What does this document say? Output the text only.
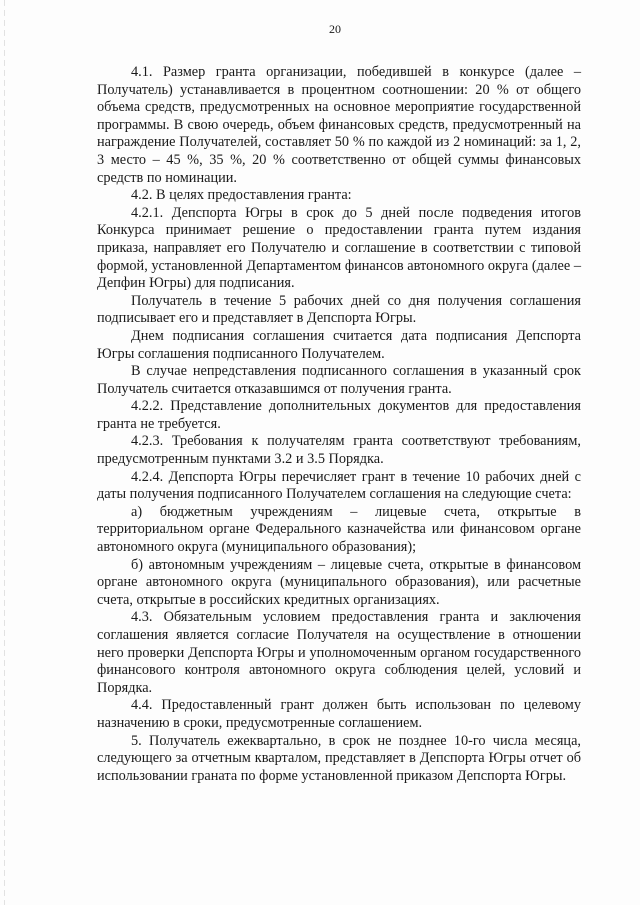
20

4.1. Размер гранта организации, победившей в конкурсе (далее – Получатель) устанавливается в процентном соотношении: 20 % от общего объема средств, предусмотренных на основное мероприятие государственной программы. В свою очередь, объем финансовых средств, предусмотренный на награждение Получателей, составляет 50 % по каждой из 2 номинаций: за 1, 2, 3 место – 45 %, 35 %, 20 % соответственно от общей суммы финансовых средств по номинации.

4.2. В целях предоставления гранта:

4.2.1. Депспорта Югры в срок до 5 дней после подведения итогов Конкурса принимает решение о предоставлении гранта путем издания приказа, направляет его Получателю и соглашение в соответствии с типовой формой, установленной Департаментом финансов автономного округа (далее – Депфин Югры) для подписания.

Получатель в течение 5 рабочих дней со дня получения соглашения подписывает его и представляет в Депспорта Югры.

Днем подписания соглашения считается дата подписания Депспорта Югры соглашения подписанного Получателем.

В случае непредставления подписанного соглашения в указанный срок Получатель считается отказавшимся от получения гранта.

4.2.2. Представление дополнительных документов для предоставления гранта не требуется.

4.2.3. Требования к получателям гранта соответствуют требованиям, предусмотренным пунктами 3.2 и 3.5 Порядка.

4.2.4. Депспорта Югры перечисляет грант в течение 10 рабочих дней с даты получения подписанного Получателем соглашения на следующие счета:

а) бюджетным учреждениям – лицевые счета, открытые в территориальном органе Федерального казначейства или финансовом органе автономного округа (муниципального образования);

б) автономным учреждениям – лицевые счета, открытые в финансовом органе автономного округа (муниципального образования), или расчетные счета, открытые в российских кредитных организациях.

4.3. Обязательным условием предоставления гранта и заключения соглашения является согласие Получателя на осуществление в отношении него проверки Депспорта Югры и уполномоченным органом государственного финансового контроля автономного округа соблюдения целей, условий и Порядка.

4.4. Предоставленный грант должен быть использован по целевому назначению в сроки, предусмотренные соглашением.

5. Получатель ежеквартально, в срок не позднее 10-го числа месяца, следующего за отчетным кварталом, представляет в Депспорта Югры отчет об использовании граната по форме установленной приказом Депспорта Югры.
